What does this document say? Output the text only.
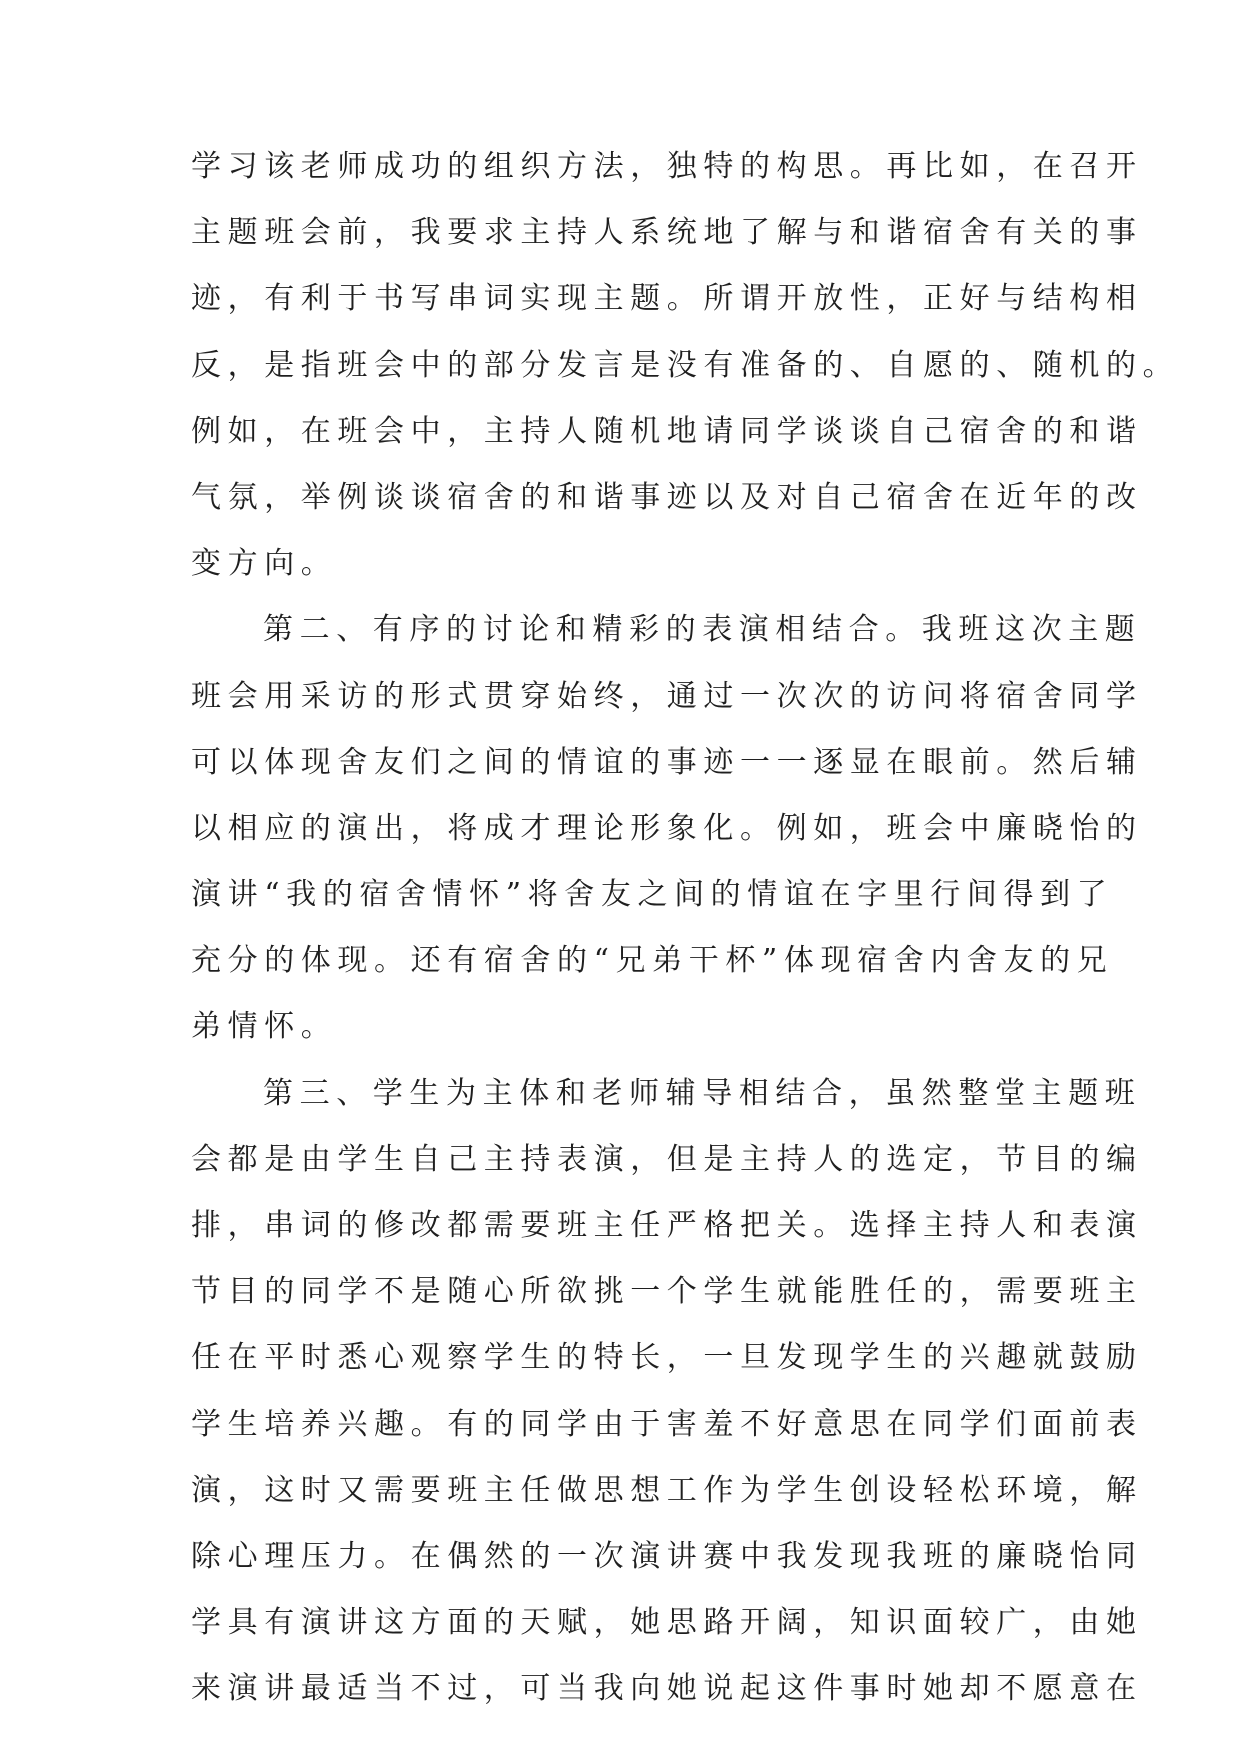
学习该老师成功的组织方法，独特的构思。再比如，在召开
主题班会前，我要求主持人系统地了解与和谐宿舍有关的事
迹，有利于书写串词实现主题。所谓开放性，正好与结构相
反，是指班会中的部分发言是没有准备的、自愿的、随机的。
例如，在班会中，主持人随机地请同学谈谈自己宿舍的和谐
气氛，举例谈谈宿舍的和谐事迹以及对自己宿舍在近年的改
变方向。
第二、有序的讨论和精彩的表演相结合。我班这次主题
班会用采访的形式贯穿始终，通过一次次的访问将宿舍同学
可以体现舍友们之间的情谊的事迹一一逐显在眼前。然后辅
以相应的演出，将成才理论形象化。例如，班会中廉晓怡的
演讲“我的宿舍情怀”将舍友之间的情谊在字里行间得到了
充分的体现。还有宿舍的“兄弟干杯”体现宿舍内舍友的兄
弟情怀。
第三、学生为主体和老师辅导相结合，虽然整堂主题班
会都是由学生自己主持表演，但是主持人的选定，节目的编
排，串词的修改都需要班主任严格把关。选择主持人和表演
节目的同学不是随心所欲挑一个学生就能胜任的，需要班主
任在平时悉心观察学生的特长，一旦发现学生的兴趣就鼓励
学生培养兴趣。有的同学由于害羞不好意思在同学们面前表
演，这时又需要班主任做思想工作为学生创设轻松环境，解
除心理压力。在偶然的一次演讲赛中我发现我班的廉晓怡同
学具有演讲这方面的天赋，她思路开阔，知识面较广，由她
来演讲最适当不过，可当我向她说起这件事时她却不愿意在
